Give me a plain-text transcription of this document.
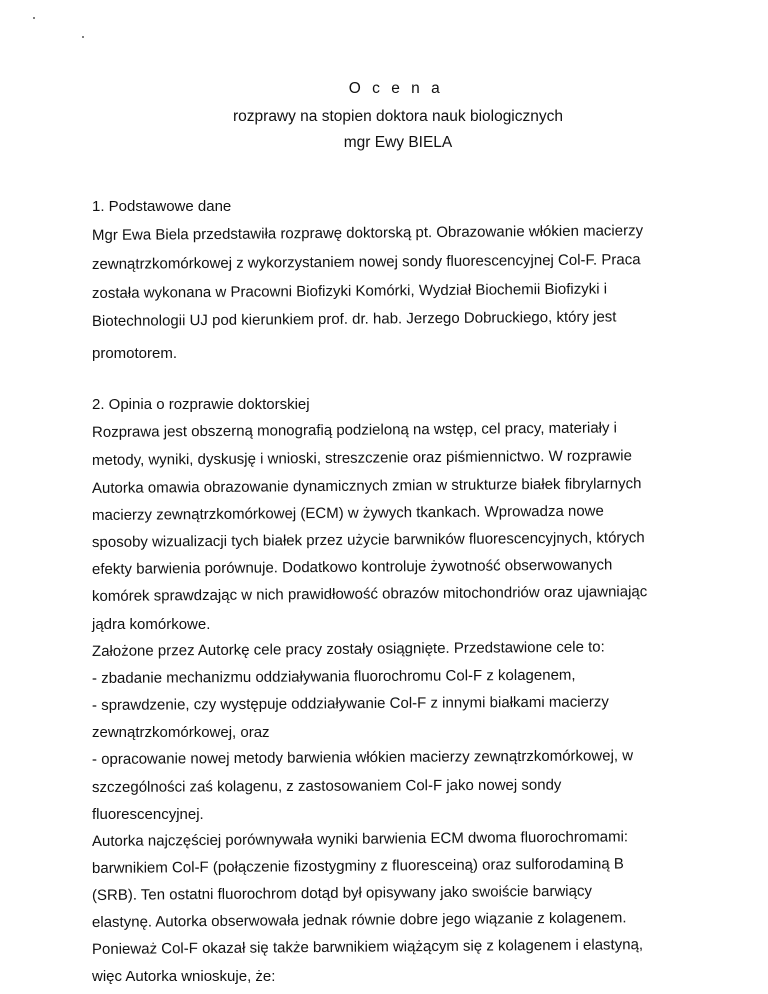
O c e n a
rozprawy na stopien doktora nauk biologicznych
mgr Ewy BIELA
1. Podstawowe dane
Mgr Ewa Biela przedstawiła rozprawę doktorską pt. Obrazowanie włókien macierzy
zewnątrzkomórkowej z wykorzystaniem nowej sondy fluorescencyjnej Col-F. Praca
została wykonana w Pracowni Biofizyki Komórki, Wydział Biochemii Biofizyki i
Biotechnologii UJ pod kierunkiem prof. dr. hab. Jerzego Dobruckiego, który jest
promotorem.
2. Opinia o rozprawie doktorskiej
Rozprawa jest obszerną monografią podzieloną na wstęp, cel pracy, materiały i
metody, wyniki, dyskusję i wnioski, streszczenie oraz piśmiennictwo. W rozprawie
Autorka omawia obrazowanie dynamicznych zmian w strukturze białek fibrylarnych
macierzy zewnątrzkomórkowej (ECM) w żywych tkankach. Wprowadza nowe
sposoby wizualizacji tych białek przez użycie barwników fluorescencyjnych, których
efekty barwienia porównuje. Dodatkowo kontroluje żywotność obserwowanych
komórek sprawdzając w nich prawidłowość obrazów mitochondriów oraz ujawniając
jądra komórkowe.
Założone przez Autorkę cele pracy zostały osiągnięte. Przedstawione cele to:
- zbadanie mechanizmu oddziaływania fluorochromu Col-F z kolagenem,
- sprawdzenie, czy występuje oddziaływanie Col-F z innymi białkami macierzy
zewnątrzkomórkowej, oraz
- opracowanie nowej metody barwienia włókien macierzy zewnątrzkomórkowej, w
szczególności zaś kolagenu, z zastosowaniem Col-F jako nowej sondy
fluorescencyjnej.
Autorka najczęściej porównywała wyniki barwienia ECM dwoma fluorochromami:
barwnikiem Col-F (połączenie fizostygminy z fluoresceiną) oraz sulforodaminą B
(SRB). Ten ostatni fluorochrom dotąd był opisywany jako swoiście barwiący
elastynę. Autorka obserwowała jednak równie dobre jego wiązanie z kolagenem.
Ponieważ Col-F okazał się także barwnikiem wiążącym się z kolagenem i elastyną,
więc Autorka wnioskuje, że:
